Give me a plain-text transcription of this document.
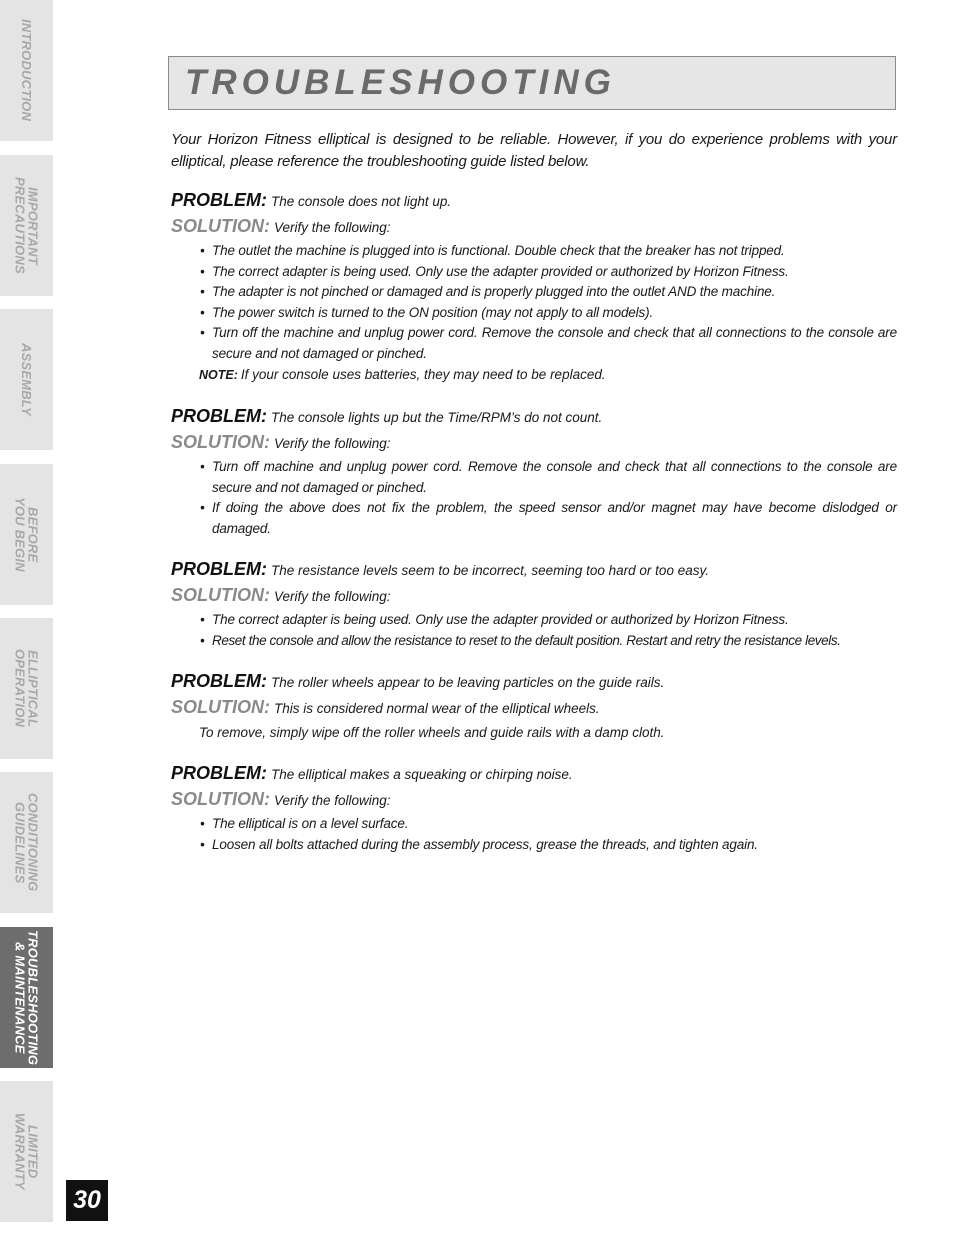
INTRODUCTION
IMPORTANT
PRECAUTIONS
ASSEMBLY
BEFORE
YOU BEGIN
ELLIPTICAL
OPERATION
CONDITIONING
GUIDELINES
TROUBLESHOOTING
& MAINTENANCE
LIMITED
WARRANTY
30
TROUBLESHOOTING

Your Horizon Fitness elliptical is designed to be reliable. However, if you do experience problems with your elliptical, please reference the troubleshooting guide listed below.

PROBLEM: The console does not light up.
SOLUTION: Verify the following:
• The outlet the machine is plugged into is functional. Double check that the breaker has not tripped.
• The correct adapter is being used. Only use the adapter provided or authorized by Horizon Fitness.
• The adapter is not pinched or damaged and is properly plugged into the outlet AND the machine.
• The power switch is turned to the ON position (may not apply to all models).
• Turn off the machine and unplug power cord. Remove the console and check that all connections to the console are secure and not damaged or pinched.
NOTE: If your console uses batteries, they may need to be replaced.
PROBLEM: The console lights up but the Time/RPM’s do not count.
SOLUTION: Verify the following:
• Turn off machine and unplug power cord. Remove the console and check that all connections to the console are secure and not damaged or pinched.
• If doing the above does not fix the problem, the speed sensor and/or magnet may have become dislodged or damaged.
PROBLEM: The resistance levels seem to be incorrect, seeming too hard or too easy.
SOLUTION: Verify the following:
• The correct adapter is being used. Only use the adapter provided or authorized by Horizon Fitness.
• Reset the console and allow the resistance to reset to the default position. Restart and retry the resistance levels.
PROBLEM: The roller wheels appear to be leaving particles on the guide rails.
SOLUTION: This is considered normal wear of the elliptical wheels.
To remove, simply wipe off the roller wheels and guide rails with a damp cloth.
PROBLEM: The elliptical makes a squeaking or chirping noise.
SOLUTION: Verify the following:
• The elliptical is on a level surface.
• Loosen all bolts attached during the assembly process, grease the threads, and tighten again.
